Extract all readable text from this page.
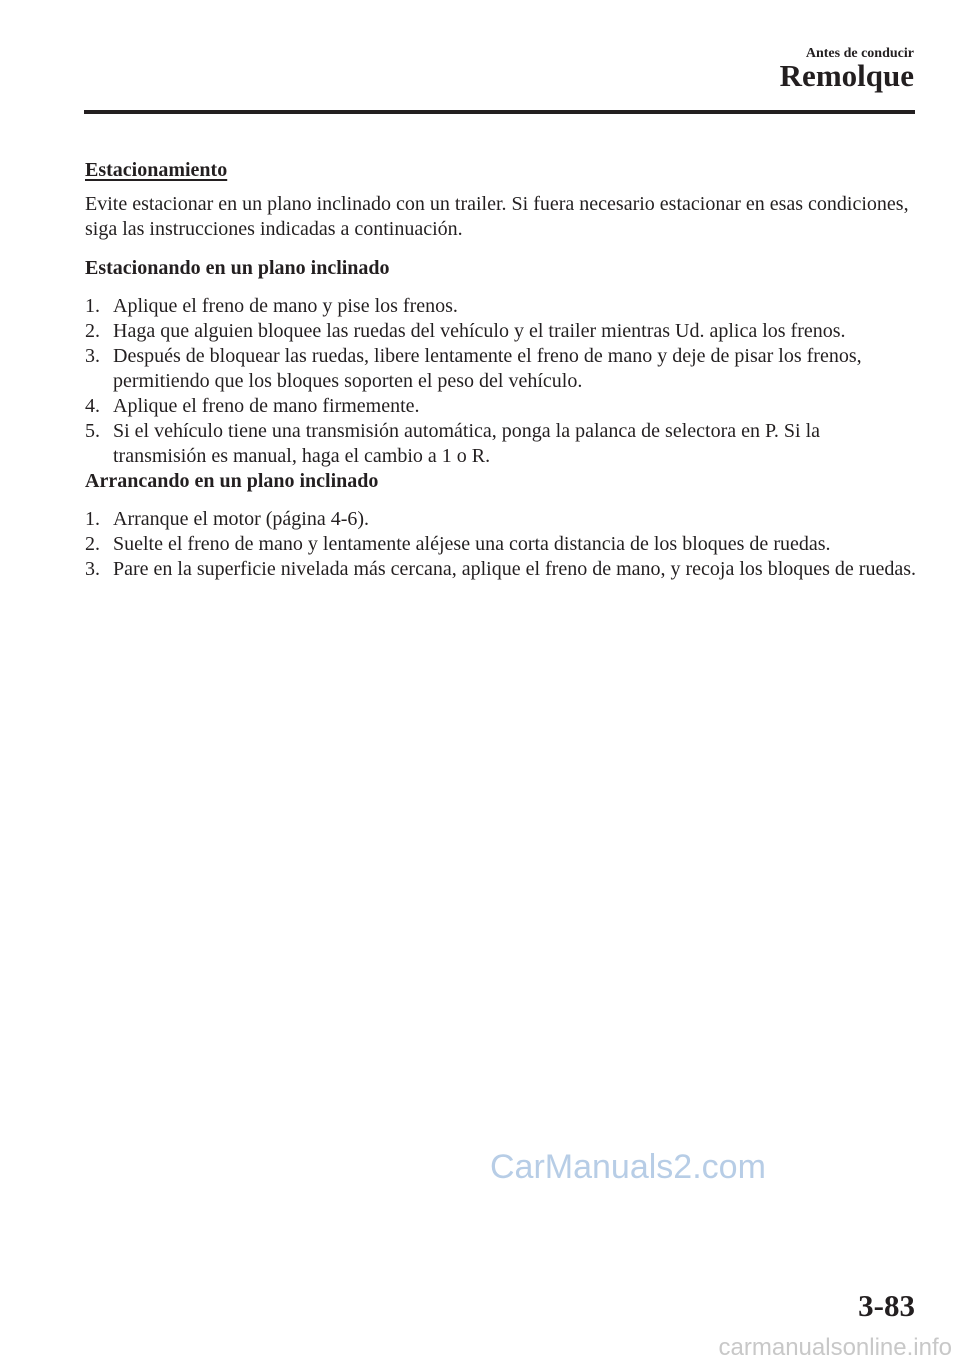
Antes de conducir
Remolque
Estacionamiento
Evite estacionar en un plano inclinado con un trailer. Si fuera necesario estacionar en esas condiciones, siga las instrucciones indicadas a continuación.
Estacionando en un plano inclinado
1. Aplique el freno de mano y pise los frenos.
2. Haga que alguien bloquee las ruedas del vehículo y el trailer mientras Ud. aplica los frenos.
3. Después de bloquear las ruedas, libere lentamente el freno de mano y deje de pisar los frenos, permitiendo que los bloques soporten el peso del vehículo.
4. Aplique el freno de mano firmemente.
5. Si el vehículo tiene una transmisión automática, ponga la palanca de selectora en P. Si la transmisión es manual, haga el cambio a 1 o R.
Arrancando en un plano inclinado
1. Arranque el motor (página 4-6).
2. Suelte el freno de mano y lentamente aléjese una corta distancia de los bloques de ruedas.
3. Pare en la superficie nivelada más cercana, aplique el freno de mano, y recoja los bloques de ruedas.
CarManuals2.com
3-83
carmanualsonline.info
